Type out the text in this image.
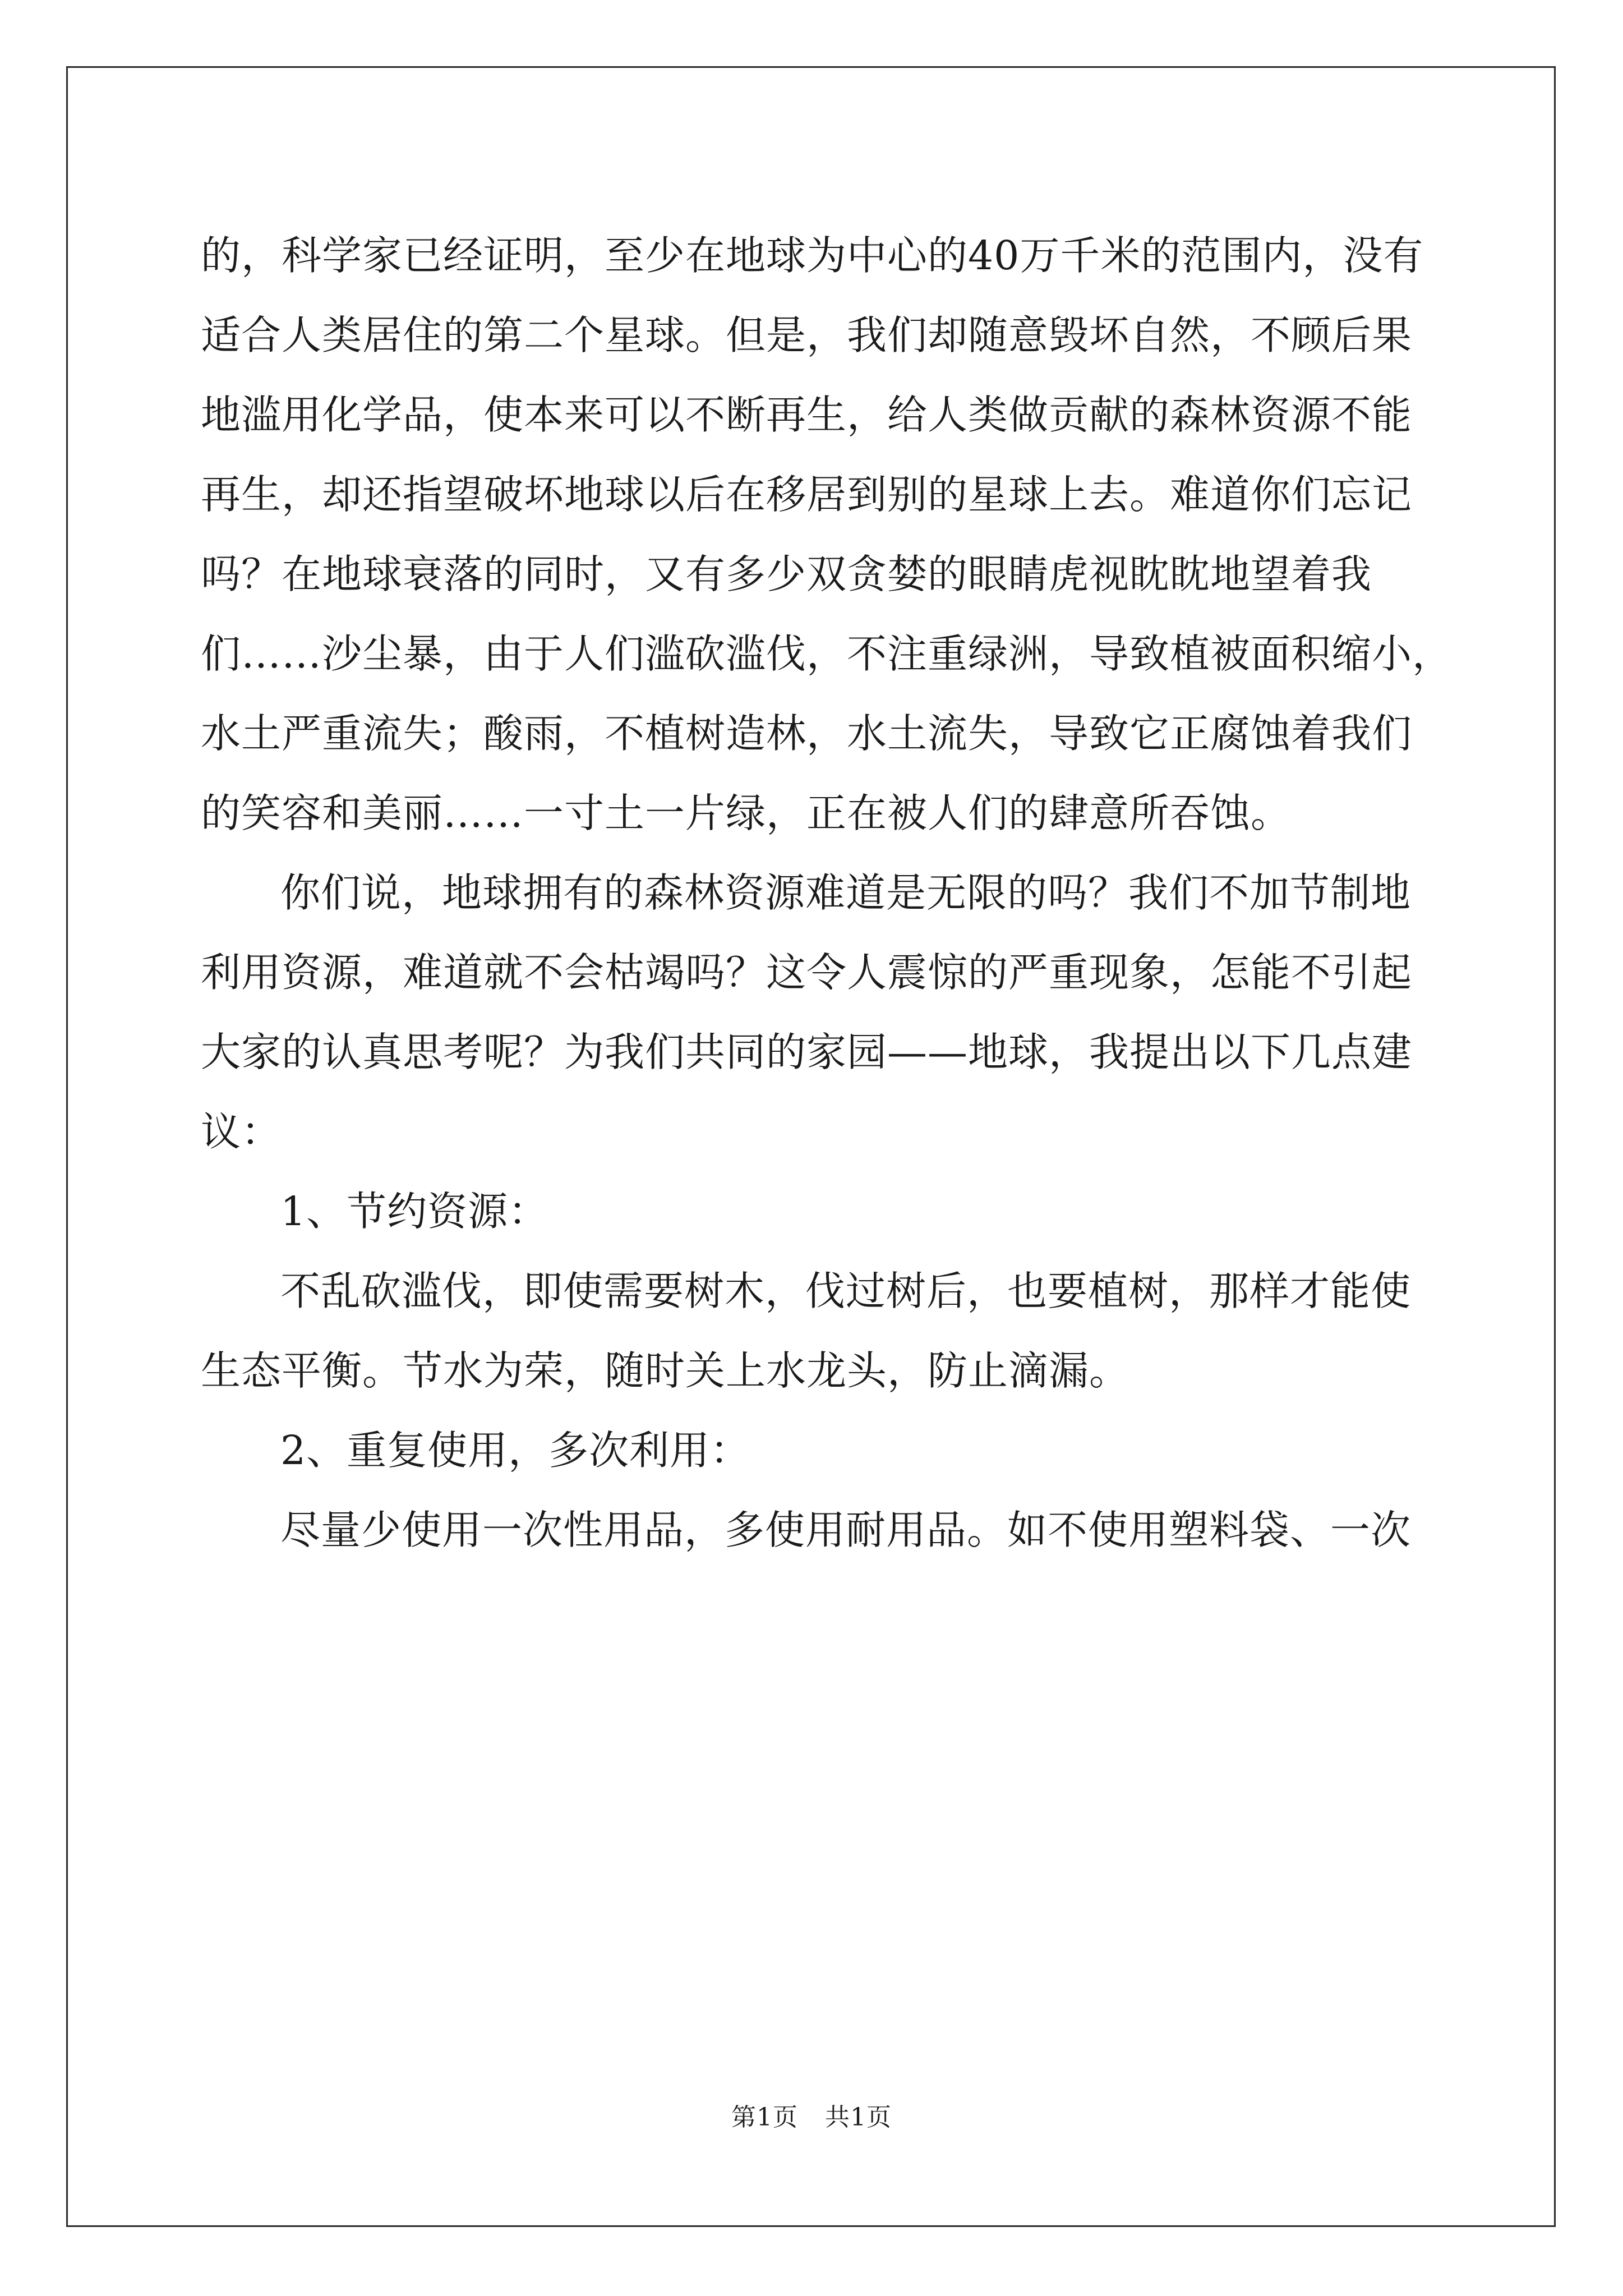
的，科学家已经证明，至少在地球为中心的40万千米的范围内，没有
适合人类居住的第二个星球。但是，我们却随意毁坏自然，不顾后果
地滥用化学品，使本来可以不断再生，给人类做贡献的森林资源不能
再生，却还指望破坏地球以后在移居到别的星球上去。难道你们忘记
吗？在地球衰落的同时，又有多少双贪婪的眼睛虎视眈眈地望着我
们……沙尘暴，由于人们滥砍滥伐，不注重绿洲，导致植被面积缩小，
水土严重流失；酸雨，不植树造林，水土流失，导致它正腐蚀着我们
的笑容和美丽……一寸土一片绿，正在被人们的肆意所吞蚀。
你们说，地球拥有的森林资源难道是无限的吗？我们不加节制地
利用资源，难道就不会枯竭吗？这令人震惊的严重现象，怎能不引起
大家的认真思考呢？为我们共同的家园——地球，我提出以下几点建
议：
1、节约资源：
不乱砍滥伐，即使需要树木，伐过树后，也要植树，那样才能使
生态平衡。节水为荣，随时关上水龙头，防止滴漏。
2、重复使用，多次利用：
尽量少使用一次性用品，多使用耐用品。如不使用塑料袋、一次
第1页 共1页
